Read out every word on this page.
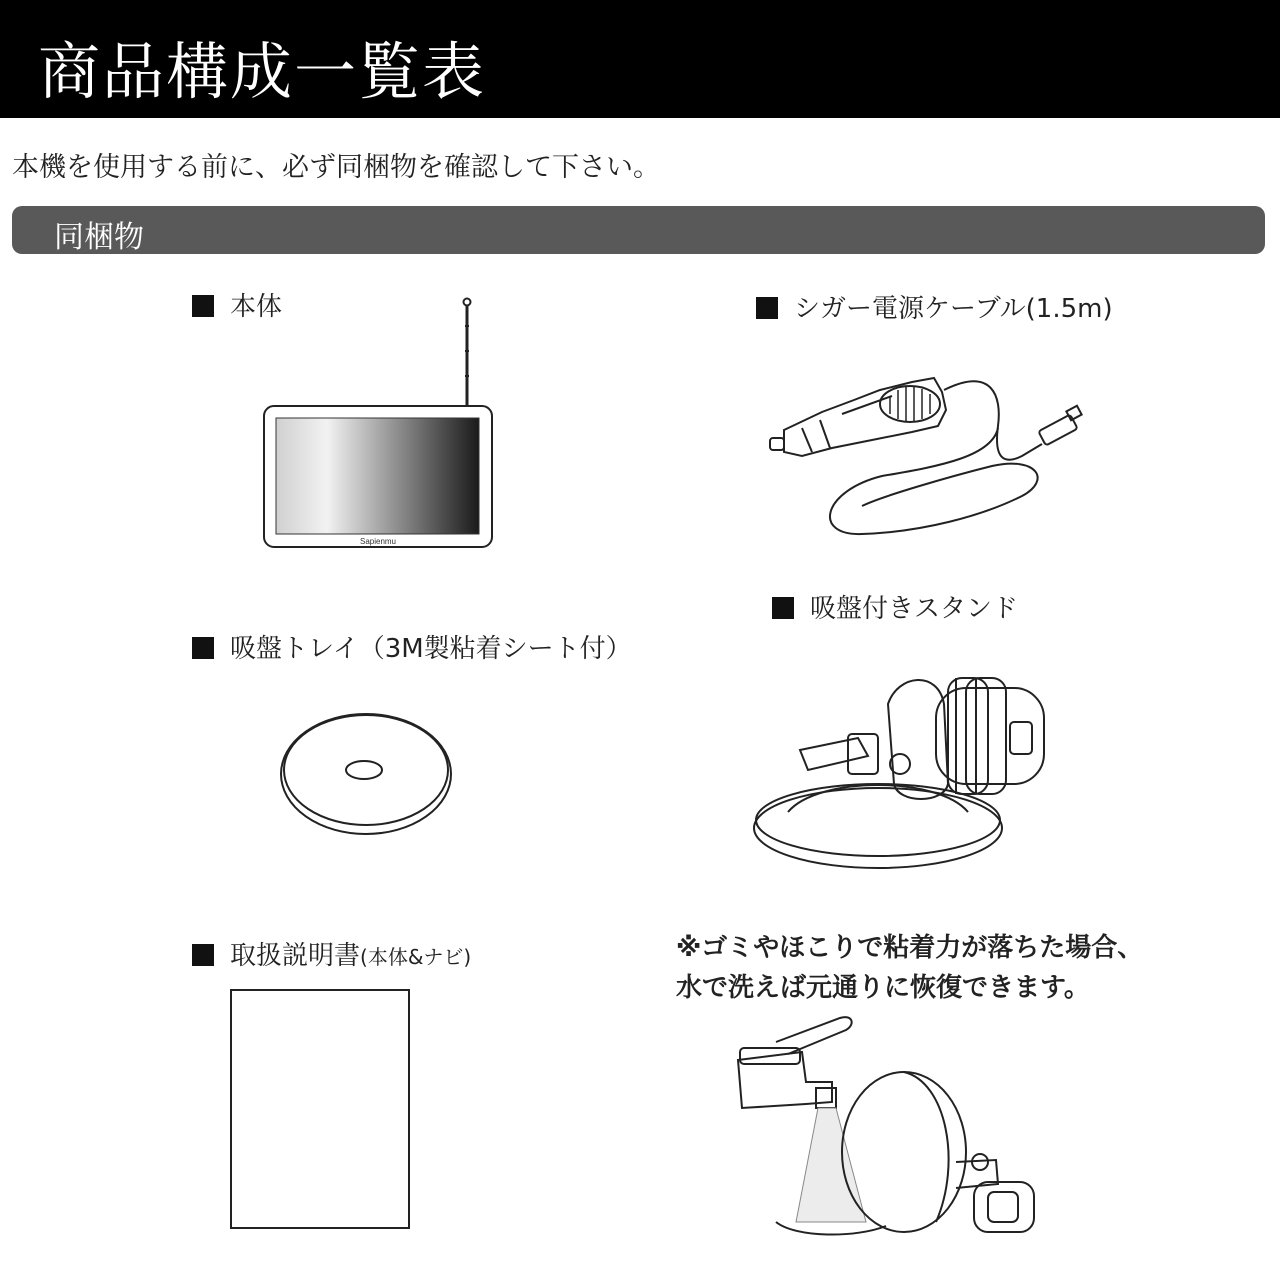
商品構成一覧表
本機を使用する前に、必ず同梱物を確認して下さい。
同梱物
本体	シガー電源ケーブル(1.5m)
吸盤付きスタンド
吸盤トレイ（3M製粘着シート付）
取扱説明書(本体&ナビ)
Sapienmu
※ゴミやほこりで粘着力が落ちた場合、
水で洗えば元通りに恢復できます。
